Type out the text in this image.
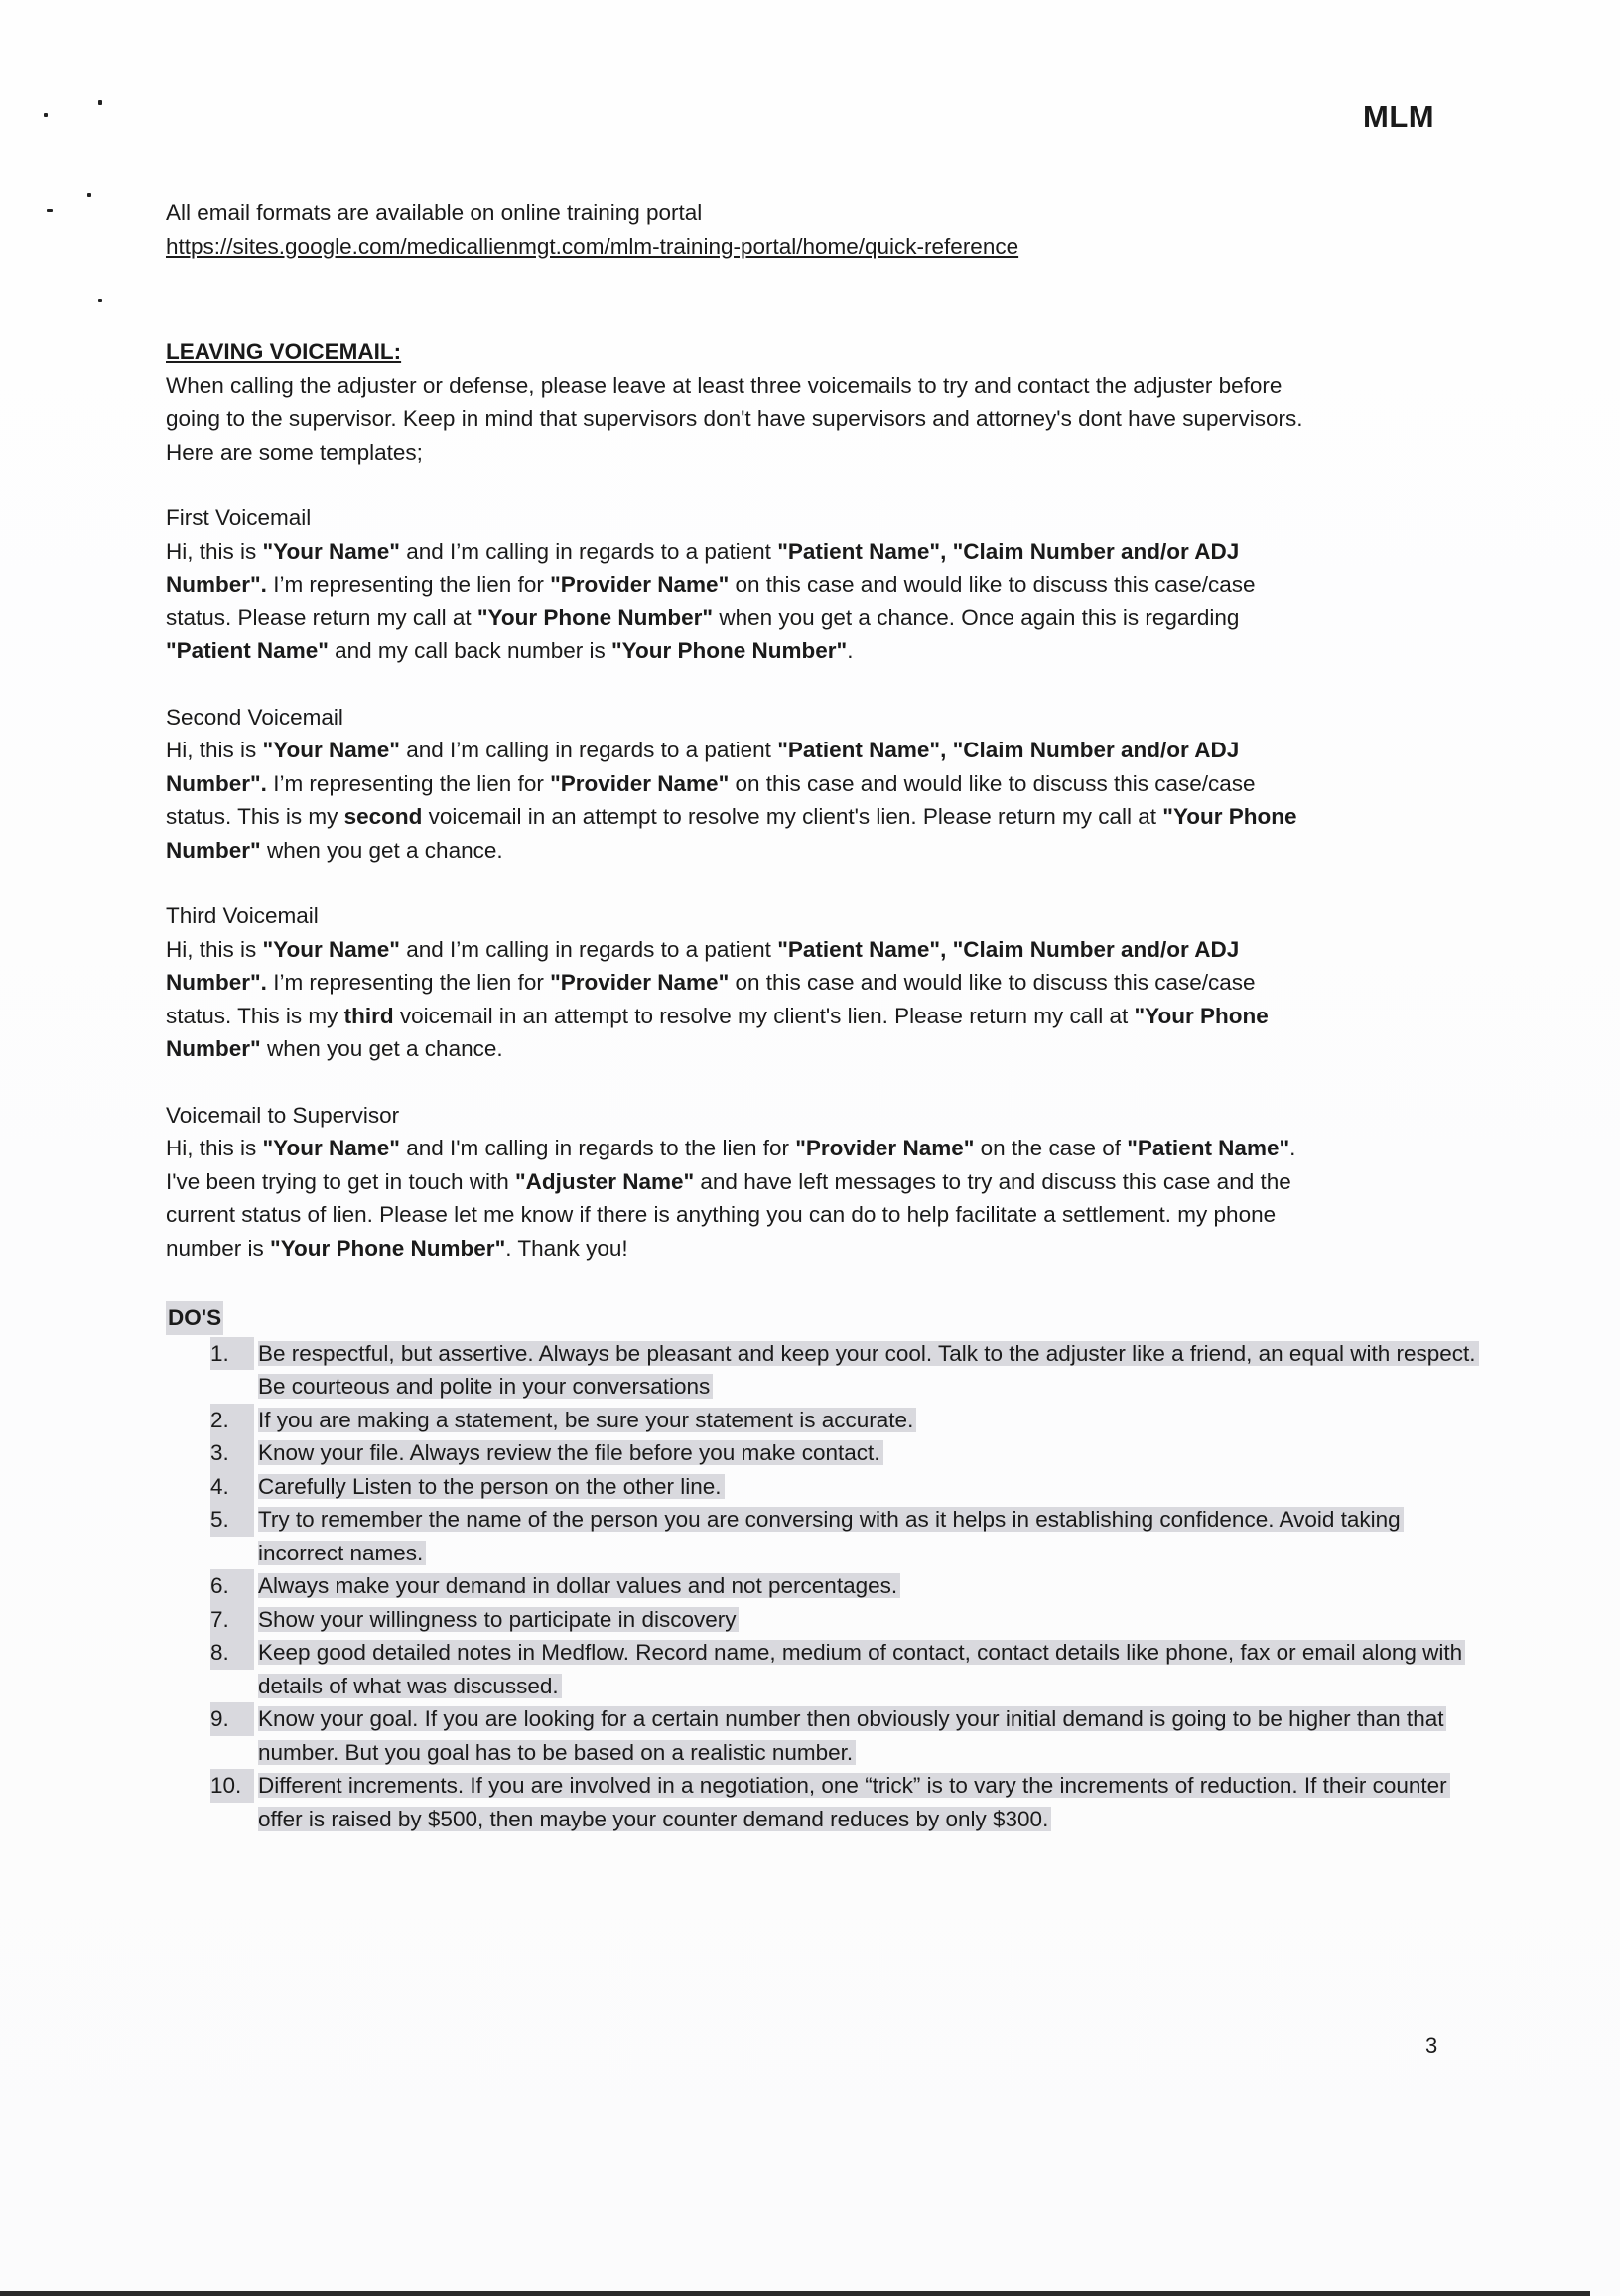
MLM

All email formats are available on online training portal

https://sites.google.com/medicallienmgt.com/mlm-training-portal/home/quick-reference

LEAVING VOICEMAIL:

When calling the adjuster or defense, please leave at least three voicemails to try and contact the adjuster before

going to the supervisor. Keep in mind that supervisors don't have supervisors and attorney's dont have supervisors.

Here are some templates;

First Voicemail

Hi, this is "Your Name" and I’m calling in regards to a patient "Patient Name", "Claim Number and/or ADJ

Number". I’m representing the lien for "Provider Name" on this case and would like to discuss this case/case

status. Please return my call at "Your Phone Number" when you get a chance. Once again this is regarding

"Patient Name" and my call back number is "Your Phone Number".

Second Voicemail

Hi, this is "Your Name" and I’m calling in regards to a patient "Patient Name", "Claim Number and/or ADJ

Number". I’m representing the lien for "Provider Name" on this case and would like to discuss this case/case

status. This is my second voicemail in an attempt to resolve my client's lien. Please return my call at "Your Phone

Number" when you get a chance.

Third Voicemail

Hi, this is "Your Name" and I’m calling in regards to a patient "Patient Name", "Claim Number and/or ADJ

Number". I’m representing the lien for "Provider Name" on this case and would like to discuss this case/case

status. This is my third voicemail in an attempt to resolve my client's lien. Please return my call at "Your Phone

Number" when you get a chance.

Voicemail to Supervisor

Hi, this is "Your Name" and I'm calling in regards to the lien for "Provider Name" on the case of "Patient Name".

I've been trying to get in touch with "Adjuster Name" and have left messages to try and discuss this case and the

current status of lien. Please let me know if there is anything you can do to help facilitate a settlement. my phone

number is "Your Phone Number". Thank you!

DO'S
1.	Be respectful, but assertive. Always be pleasant and keep your cool. Talk to the adjuster like a friend, an equal with respect. Be courteous and polite in your conversations
2.	If you are making a statement, be sure your statement is accurate.
3.	Know your file. Always review the file before you make contact.
4.	Carefully Listen to the person on the other line.
5.	Try to remember the name of the person you are conversing with as it helps in establishing confidence. Avoid taking incorrect names.
6.	Always make your demand in dollar values and not percentages.
7.	Show your willingness to participate in discovery
8.	Keep good detailed notes in Medflow. Record name, medium of contact, contact details like phone, fax or email along with details of what was discussed.
9.	Know your goal. If you are looking for a certain number then obviously your initial demand is going to be higher than that number. But you goal has to be based on a realistic number.
10. Different increments. If you are involved in a negotiation, one “trick” is to vary the increments of reduction. If their counter offer is raised by $500, then maybe your counter demand reduces by only $300.
3
